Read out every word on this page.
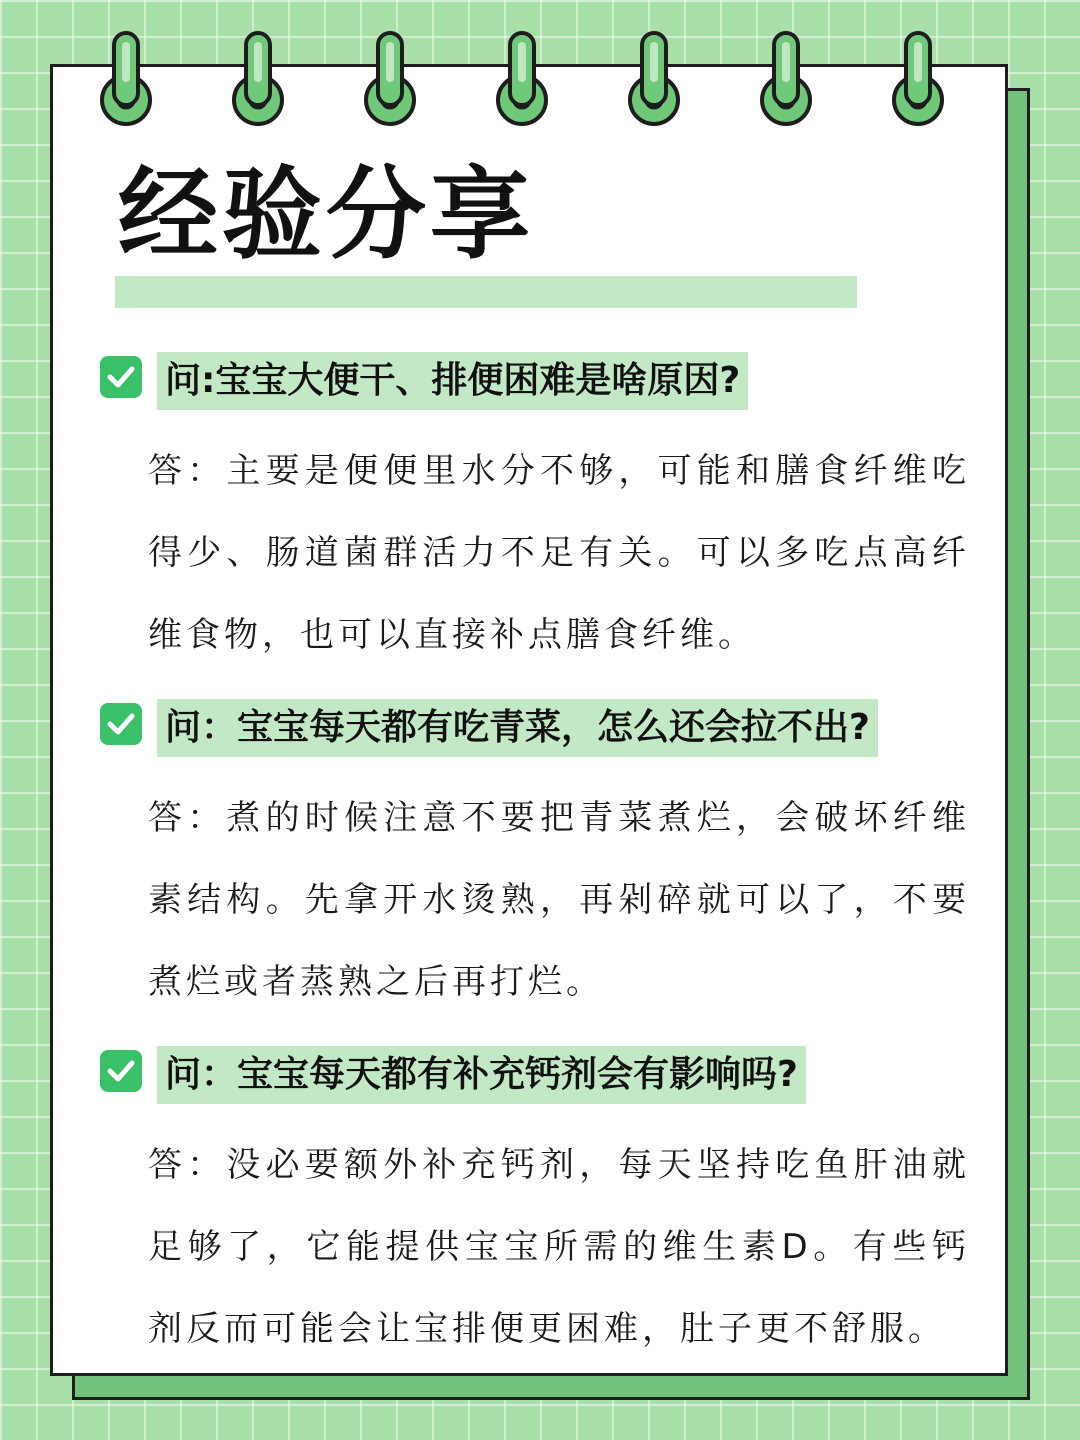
经验分享
问:宝宝大便干、排便困难是啥原因?

答：主要是便便里水分不够，可能和膳食纤维吃得少、肠道菌群活力不足有关。可以多吃点高纤维食物，也可以直接补点膳食纤维。

问：宝宝每天都有吃青菜，怎么还会拉不出?

答：煮的时候注意不要把青菜煮烂，会破坏纤维素结构。先拿开水烫熟，再剁碎就可以了，不要煮烂或者蒸熟之后再打烂。

问：宝宝每天都有补充钙剂会有影响吗?

答：没必要额外补充钙剂，每天坚持吃鱼肝油就足够了，它能提供宝宝所需的维生素D。有些钙剂反而可能会让宝排便更困难，肚子更不舒服。
